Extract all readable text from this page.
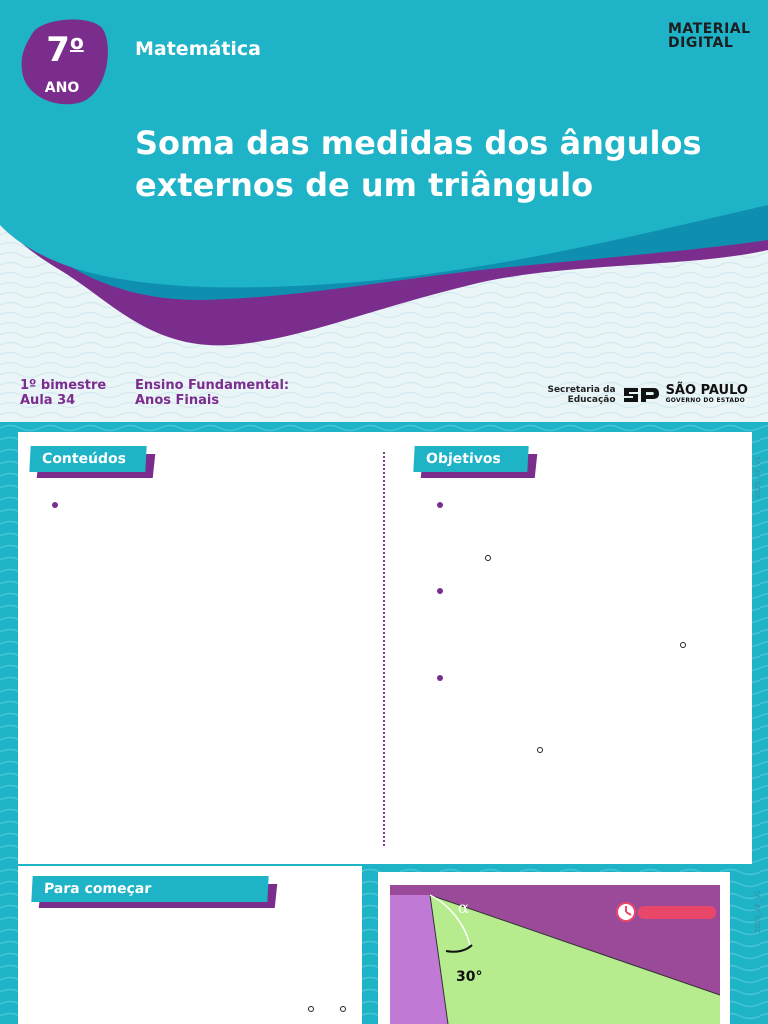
7$^o$
ANO
Matemática
MATERIAL
DIGITAL
Soma das medidas dos ângulos externos de um triângulo
1º bimestre
Aula 34
Ensino Fundamental:
Anos Finais
Secretaria da
Educação
SÃO PAULO
GOVERNO DO ESTADO
2025_AF_V1
2025_AF_V1
Conteúdos	Objetivos
Para começar
α
30°
